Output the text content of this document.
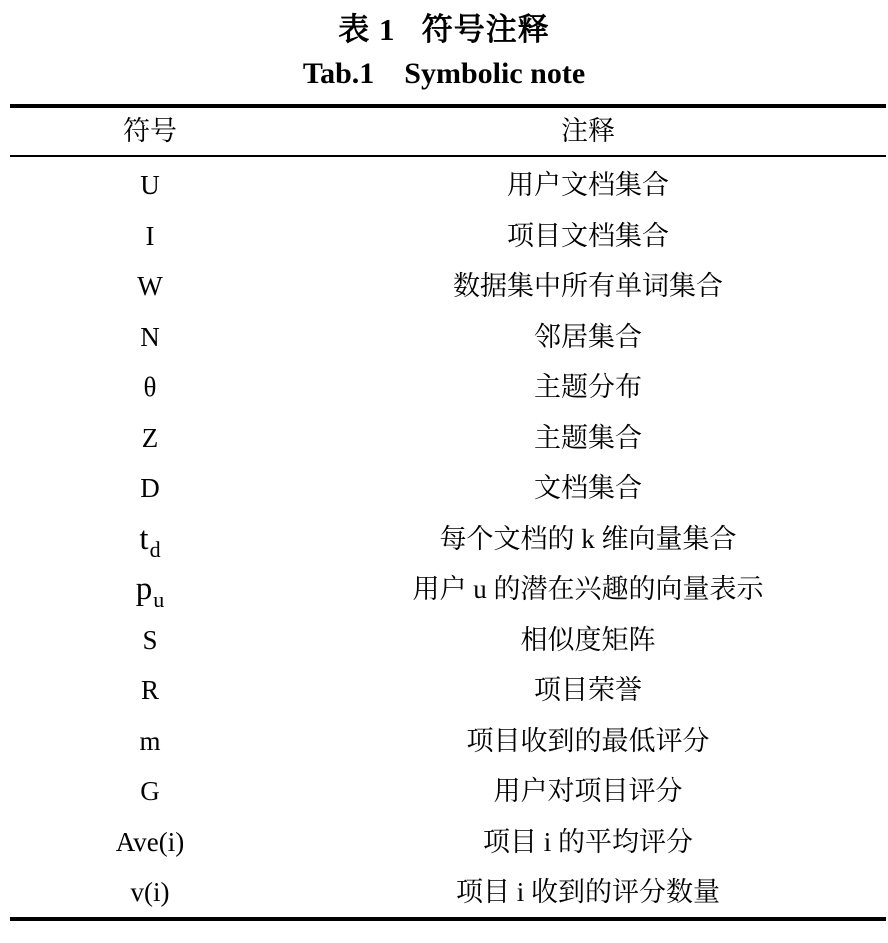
表 1   符号注释
Tab.1    Symbolic note
符号	注释
U	用户文档集合
I	项目文档集合
W	数据集中所有单词集合
N	邻居集合
θ	主题分布
Z	主题集合
D	文档集合
$t_d$	每个文档的 k 维向量集合
$p_u$	用户 u 的潜在兴趣的向量表示
S	相似度矩阵
R	项目荣誉
m	项目收到的最低评分
G	用户对项目评分
Ave(i)	项目 i 的平均评分
v(i)	项目 i 收到的评分数量
